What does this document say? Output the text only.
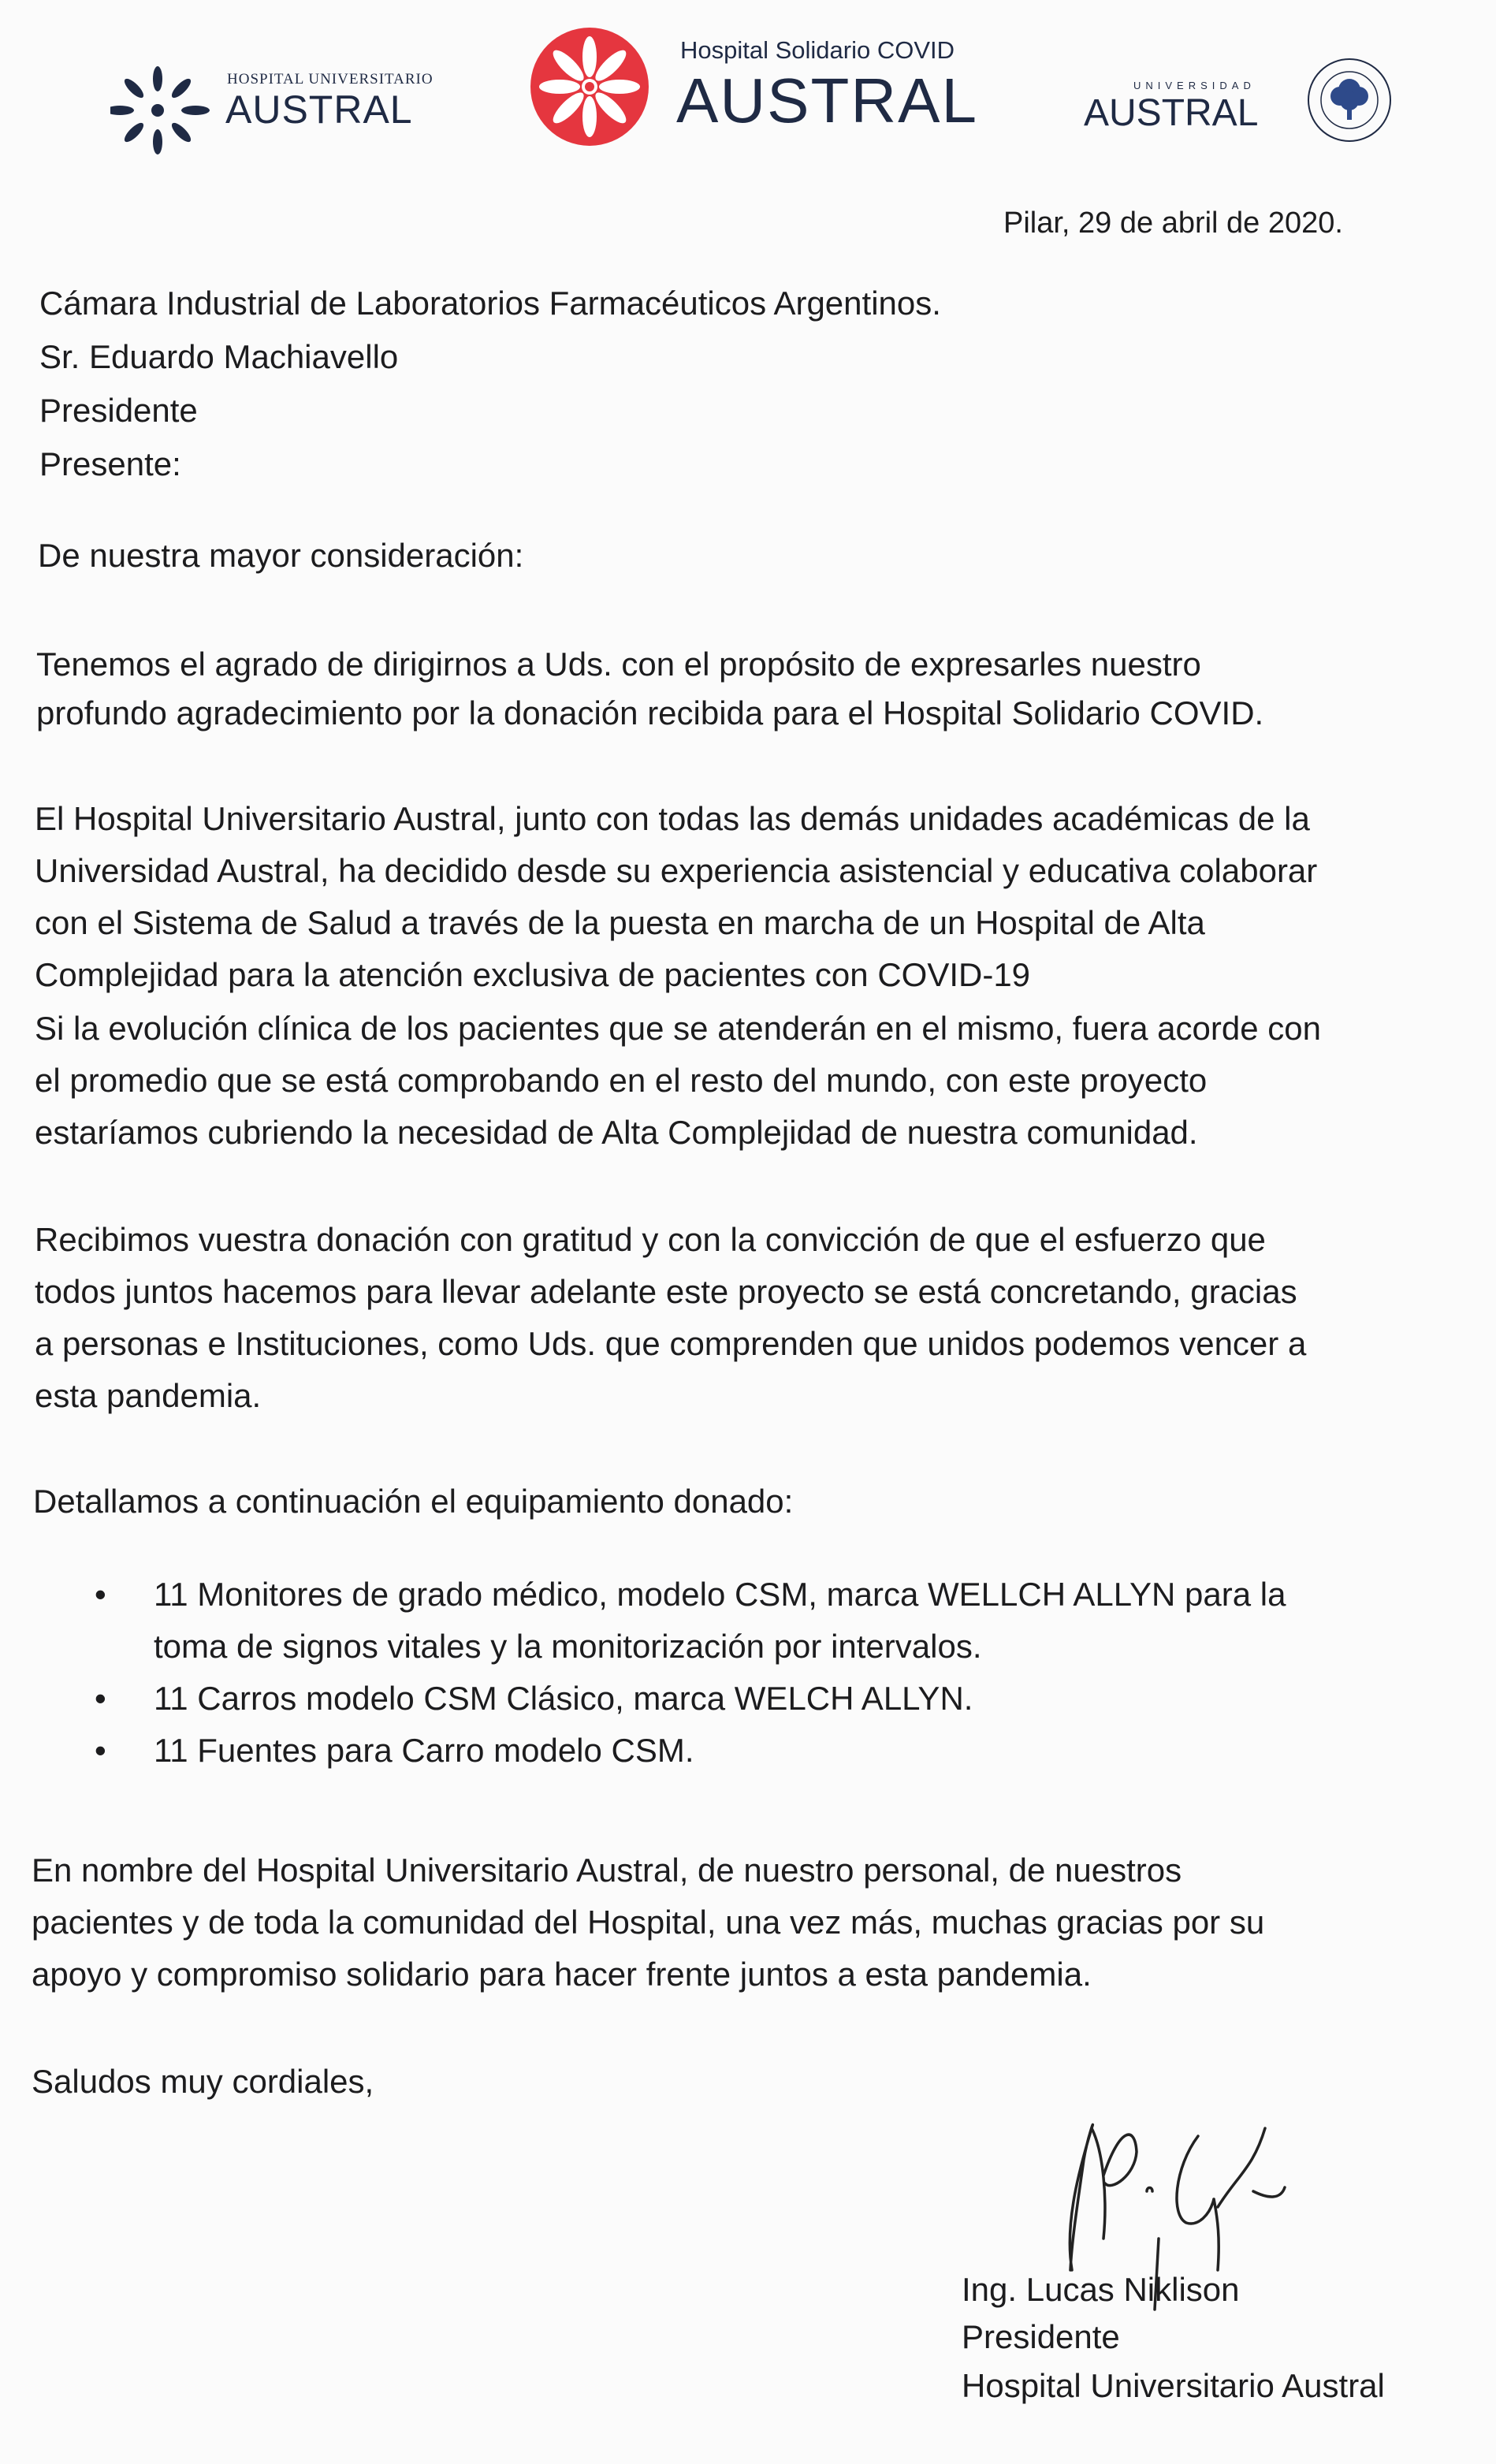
HOSPITAL UNIVERSITARIO
AUSTRAL
Hospital Solidario COVID
AUSTRAL	UNIVERSIDAD
AUSTRAL
Pilar, 29 de abril de 2020.
Cámara Industrial de Laboratorios Farmacéuticos Argentinos.
Sr. Eduardo Machiavello
Presidente
Presente:
De nuestra mayor consideración:
Tenemos el agrado de dirigirnos a Uds. con el propósito de expresarles nuestro
profundo agradecimiento por la donación recibida para el Hospital Solidario COVID.
El Hospital Universitario Austral, junto con todas las demás unidades académicas de la
Universidad Austral, ha decidido desde su experiencia asistencial y educativa colaborar
con el Sistema de Salud a través de la puesta en marcha de un Hospital de Alta
Complejidad para la atención exclusiva de pacientes con COVID-19
Si la evolución clínica de los pacientes que se atenderán en el mismo, fuera acorde con
el promedio que se está comprobando en el resto del mundo, con este proyecto
estaríamos cubriendo la necesidad de Alta Complejidad de nuestra comunidad.
Recibimos vuestra donación con gratitud y con la convicción de que el esfuerzo que
todos juntos hacemos para llevar adelante este proyecto se está concretando, gracias
a personas e Instituciones, como Uds. que comprenden que unidos podemos vencer a
esta pandemia.
Detallamos a continuación el equipamiento donado:
• 11 Monitores de grado médico, modelo CSM, marca WELLCH ALLYN para la
toma de signos vitales y la monitorización por intervalos.
• 11 Carros modelo CSM Clásico, marca WELCH ALLYN.
• 11 Fuentes para Carro modelo CSM.
En nombre del Hospital Universitario Austral, de nuestro personal, de nuestros
pacientes y de toda la comunidad del Hospital, una vez más, muchas gracias por su
apoyo y compromiso solidario para hacer frente juntos a esta pandemia.
Saludos muy cordiales,
Ing. Lucas Niklison
Presidente
Hospital Universitario Austral
